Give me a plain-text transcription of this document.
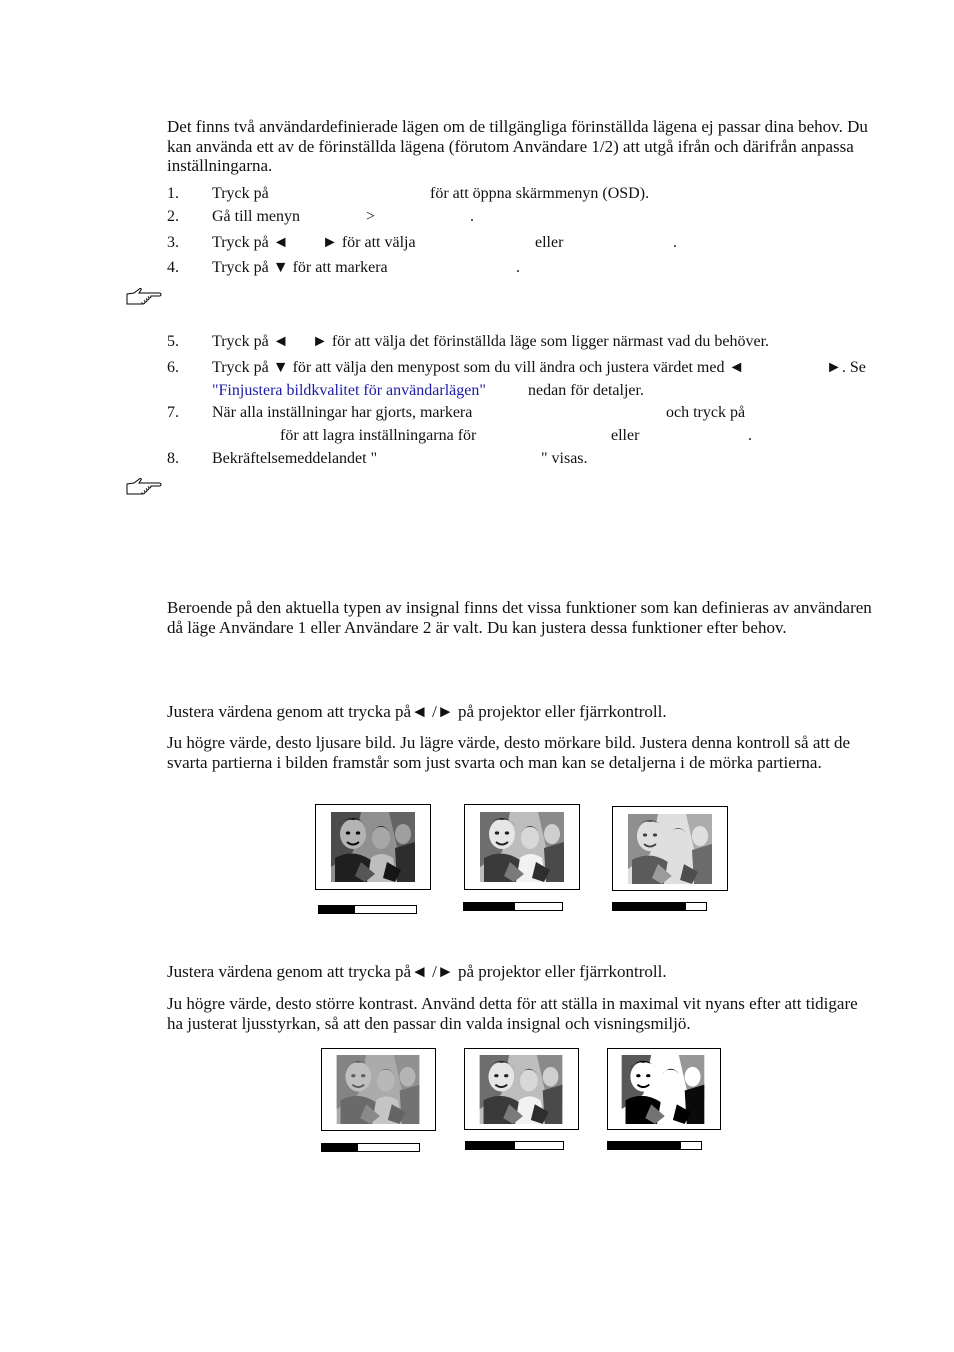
Det finns två användardefinierade lägen om de tillgängliga förinställda lägena ej passar dina behov. Du kan använda ett av de förinställda lägena (förutom Användare 1/2) att utgå ifrån och därifrån anpassa inställningarna.
1. Tryck på	för att öppna skärmmenyn (OSD).
2. Gå till menyn	>	.
3. Tryck på ◄ ► för att välja	eller	.
4. Tryck på ▼ för att markera	.
5. Tryck på ◄ ► för att välja det förinställda läge som ligger närmast vad du behöver.
6. Tryck på ▼ för att välja den menypost som du vill ändra och justera värdet med ◄	►. Se
"Finjustera bildkvalitet för användarlägen"	nedan för detaljer.
7. När alla inställningar har gjorts, markera	och tryck på
för att lagra inställningarna för	eller	.
8. Bekräftelsemeddelandet "	" visas.
Beroende på den aktuella typen av insignal finns det vissa funktioner som kan definieras av användaren då läge Användare 1 eller Användare 2 är valt. Du kan justera dessa funktioner efter behov.
Justera värdena genom att trycka på◄ /► på projektor eller fjärrkontroll.
Ju högre värde, desto ljusare bild. Ju lägre värde, desto mörkare bild. Justera denna kontroll så att de svarta partierna i bilden framstår som just svarta och man kan se detaljerna i de mörka partierna.
Justera värdena genom att trycka på◄ /► på projektor eller fjärrkontroll.
Ju högre värde, desto större kontrast. Använd detta för att ställa in maximal vit nyans efter att tidigare ha justerat ljusstyrkan, så att den passar din valda insignal och visningsmiljö.
